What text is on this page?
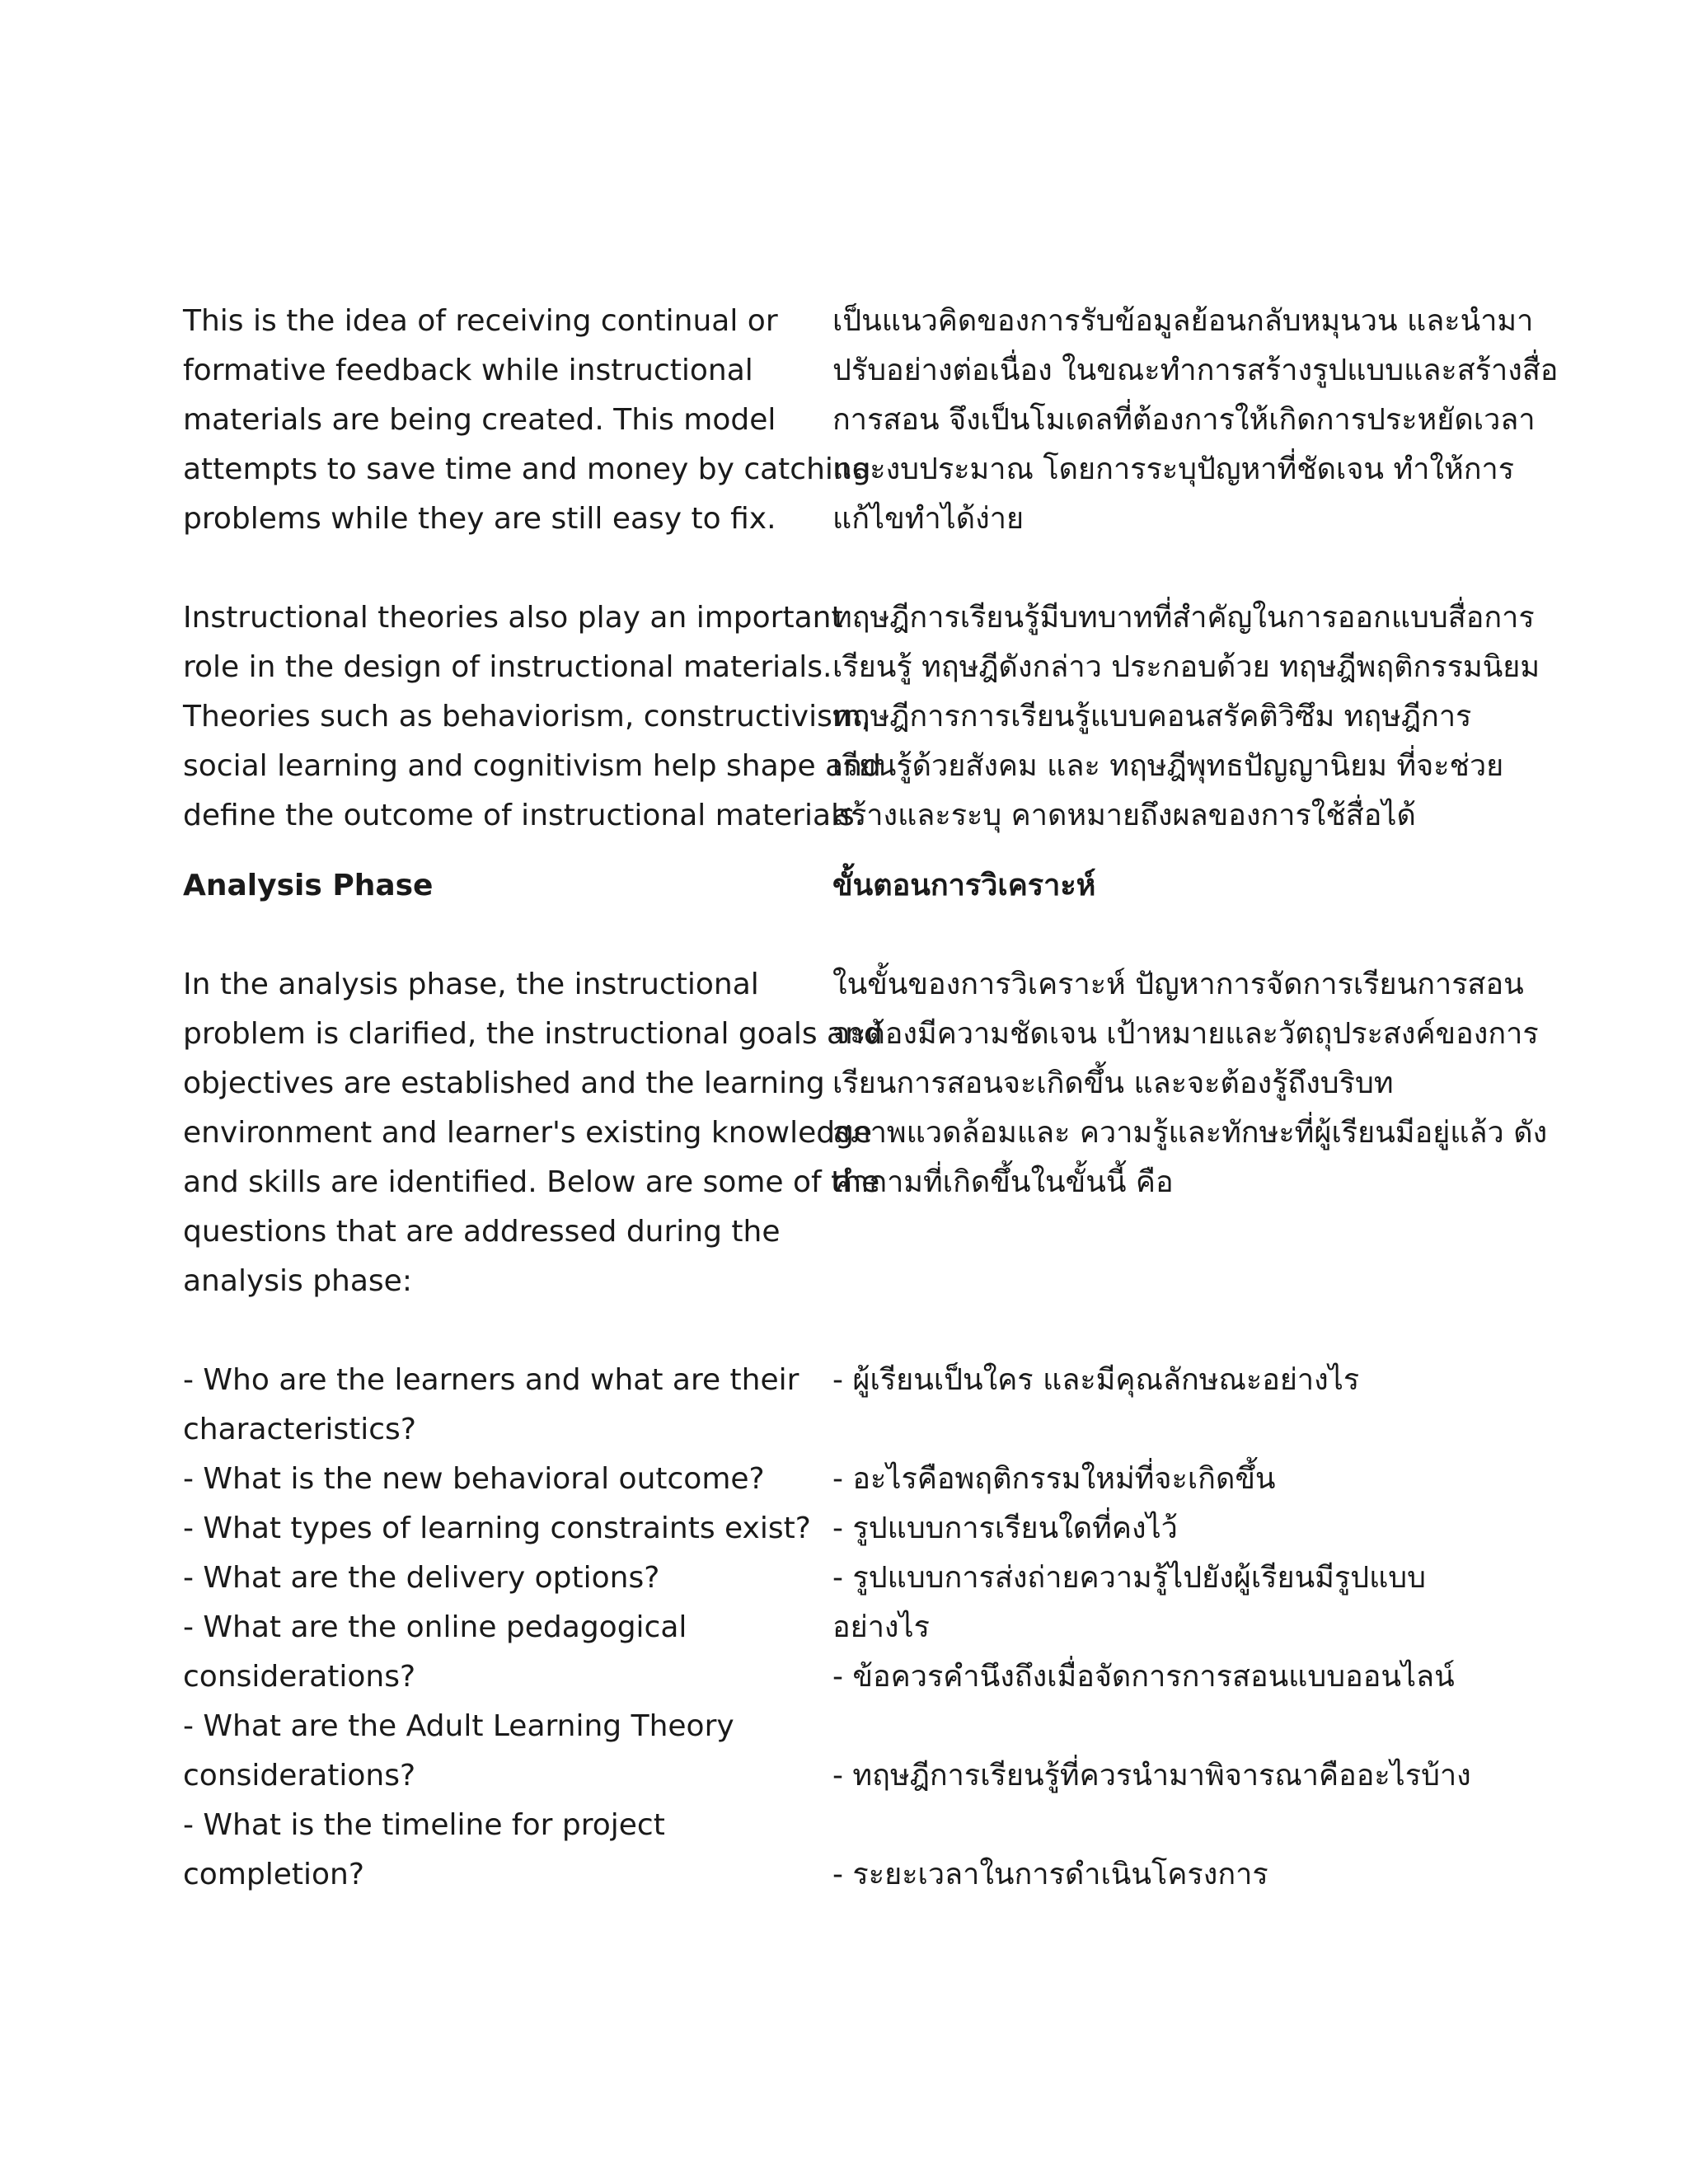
This is the idea of receiving continual or
formative feedback while instructional
materials are being created. This model
attempts to save time and money by catching
problems while they are still easy to fix.
Instructional theories also play an important
role in the design of instructional materials.
Theories such as behaviorism, constructivism,
social learning and cognitivism help shape and
define the outcome of instructional materials.
Analysis Phase
In the analysis phase, the instructional
problem is clarified, the instructional goals and
objectives are established and the learning
environment and learner's existing knowledge
and skills are identified. Below are some of the
questions that are addressed during the
analysis phase:
- Who are the learners and what are their
characteristics?
- What is the new behavioral outcome?
- What types of learning constraints exist?
- What are the delivery options?
- What are the online pedagogical
considerations?
- What are the Adult Learning Theory
considerations?
- What is the timeline for project
completion?
เป็นแนวคิดของการรับข้อมูลย้อนกลับหมุนวน และนำมา
ปรับอย่างต่อเนื่อง ในขณะทำการสร้างรูปแบบและสร้างสื่อ
การสอน จึงเป็นโมเดลที่ต้องการให้เกิดการประหยัดเวลา
และงบประมาณ โดยการระบุปัญหาที่ชัดเจน ทำให้การ
แก้ไขทำได้ง่าย
ทฤษฎีการเรียนรู้มีบทบาทที่สำคัญในการออกแบบสื่อการ
เรียนรู้ ทฤษฎีดังกล่าว ประกอบด้วย ทฤษฎีพฤติกรรมนิยม
ทฤษฎีการการเรียนรู้แบบคอนสรัคติวิซึม ทฤษฎีการ
เรียนรู้ด้วยสังคม และ ทฤษฎีพุทธปัญญานิยม ที่จะช่วย
สร้างและระบุ คาดหมายถึงผลของการใช้สื่อได้
ขั้นตอนการวิเคราะห์
ในขั้นของการวิเคราะห์ ปัญหาการจัดการเรียนการสอน
จะต้องมีความชัดเจน เป้าหมายและวัตถุประสงค์ของการ
เรียนการสอนจะเกิดขึ้น และจะต้องรู้ถึงบริบท
สภาพแวดล้อมและ ความรู้และทักษะที่ผู้เรียนมีอยู่แล้ว ดัง
คำถามที่เกิดขึ้นในขั้นนี้ คือ
- ผู้เรียนเป็นใคร และมีคุณลักษณะอย่างไร
- อะไรคือพฤติกรรมใหม่ที่จะเกิดขึ้น
- รูปแบบการเรียนใดที่คงไว้
- รูปแบบการส่งถ่ายความรู้ไปยังผู้เรียนมีรูปแบบ
อย่างไร
- ข้อควรคำนึงถึงเมื่อจัดการการสอนแบบออนไลน์
- ทฤษฎีการเรียนรู้ที่ควรนำมาพิจารณาคืออะไรบ้าง
- ระยะเวลาในการดำเนินโครงการ
